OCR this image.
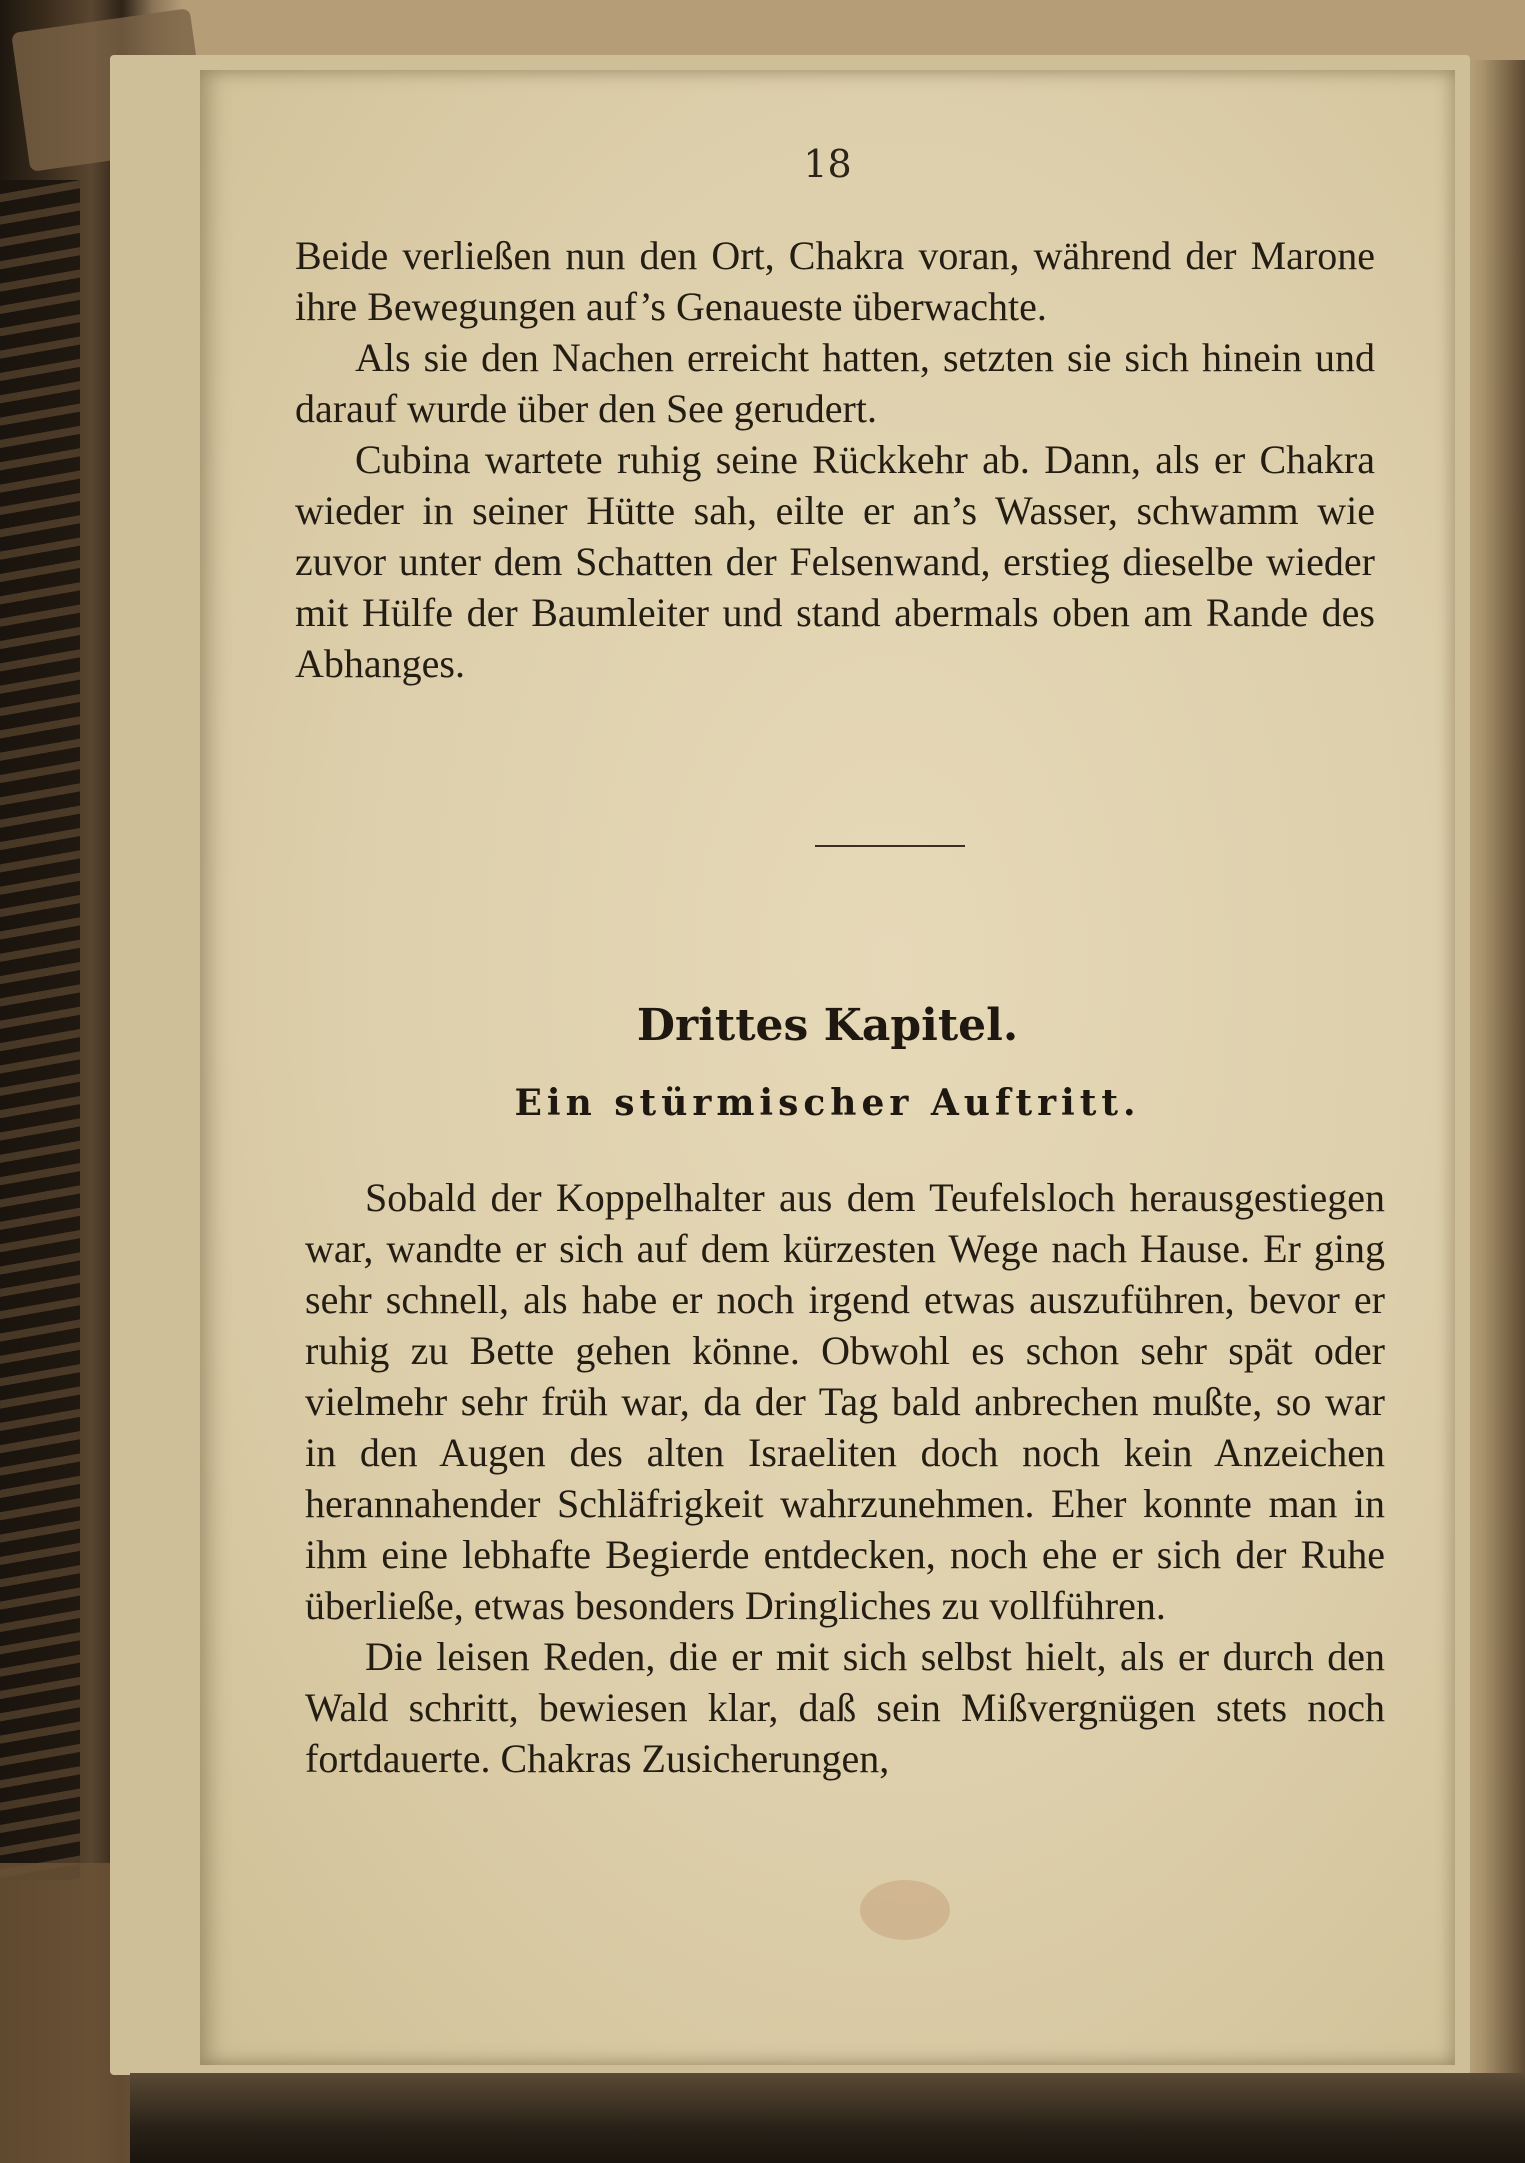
18

Beide verließen nun den Ort, Chakra voran, während der Marone ihre Bewegungen auf’s Genaueste überwachte.

Als sie den Nachen erreicht hatten, setzten sie sich hinein und darauf wurde über den See gerudert.

Cubina wartete ruhig seine Rückkehr ab. Dann, als er Chakra wieder in seiner Hütte sah, eilte er an’s Wasser, schwamm wie zuvor unter dem Schatten der Felsenwand, erstieg dieselbe wieder mit Hülfe der Baumleiter und stand abermals oben am Rande des Abhanges.

Drittes Kapitel.
Ein stürmischer Auftritt.

Sobald der Koppelhalter aus dem Teufelsloch herausgestiegen war, wandte er sich auf dem kürzesten Wege nach Hause. Er ging sehr schnell, als habe er noch irgend etwas auszuführen, bevor er ruhig zu Bette gehen könne. Obwohl es schon sehr spät oder vielmehr sehr früh war, da der Tag bald anbrechen mußte, so war in den Augen des alten Israeliten doch noch kein Anzeichen herannahender Schläfrigkeit wahrzunehmen. Eher konnte man in ihm eine lebhafte Begierde entdecken, noch ehe er sich der Ruhe überließe, etwas besonders Dringliches zu vollführen.

Die leisen Reden, die er mit sich selbst hielt, als er durch den Wald schritt, bewiesen klar, daß sein Mißvergnügen stets noch fortdauerte. Chakras Zusicherungen,
